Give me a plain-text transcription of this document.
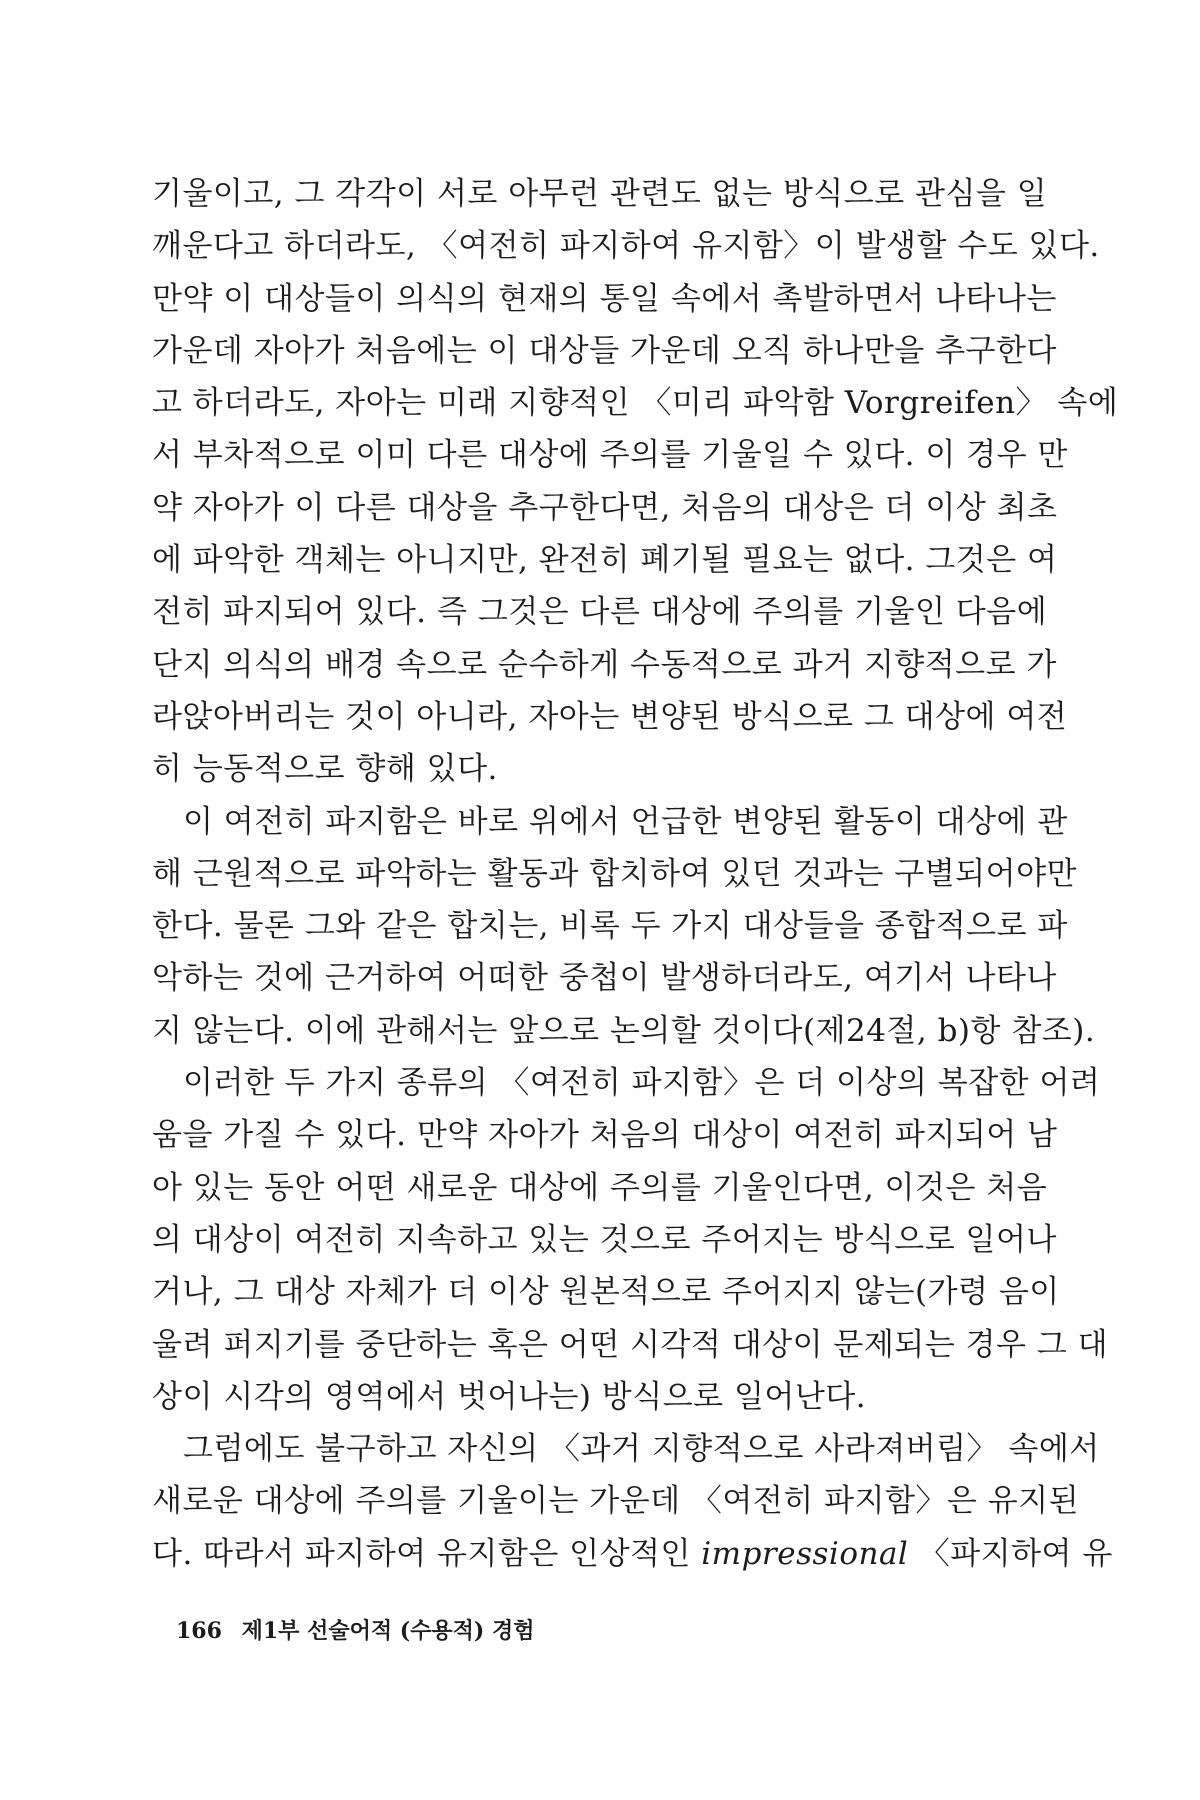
기울이고, 그 각각이 서로 아무런 관련도 없는 방식으로 관심을 일
깨운다고 하더라도, 〈여전히 파지하여 유지함〉이 발생할 수도 있다.
만약 이 대상들이 의식의 현재의 통일 속에서 촉발하면서 나타나는
가운데 자아가 처음에는 이 대상들 가운데 오직 하나만을 추구한다
고 하더라도, 자아는 미래 지향적인 〈미리 파악함 Vorgreifen〉 속에
서 부차적으로 이미 다른 대상에 주의를 기울일 수 있다. 이 경우 만
약 자아가 이 다른 대상을 추구한다면, 처음의 대상은 더 이상 최초
에 파악한 객체는 아니지만, 완전히 폐기될 필요는 없다. 그것은 여
전히 파지되어 있다. 즉 그것은 다른 대상에 주의를 기울인 다음에
단지 의식의 배경 속으로 순수하게 수동적으로 과거 지향적으로 가
라앉아버리는 것이 아니라, 자아는 변양된 방식으로 그 대상에 여전
히 능동적으로 향해 있다.
이 여전히 파지함은 바로 위에서 언급한 변양된 활동이 대상에 관
해 근원적으로 파악하는 활동과 합치하여 있던 것과는 구별되어야만
한다. 물론 그와 같은 합치는, 비록 두 가지 대상들을 종합적으로 파
악하는 것에 근거하여 어떠한 중첩이 발생하더라도, 여기서 나타나
지 않는다. 이에 관해서는 앞으로 논의할 것이다(제24절, b)항 참조).
이러한 두 가지 종류의 〈여전히 파지함〉은 더 이상의 복잡한 어려
움을 가질 수 있다. 만약 자아가 처음의 대상이 여전히 파지되어 남
아 있는 동안 어떤 새로운 대상에 주의를 기울인다면, 이것은 처음
의 대상이 여전히 지속하고 있는 것으로 주어지는 방식으로 일어나
거나, 그 대상 자체가 더 이상 원본적으로 주어지지 않는(가령 음이
울려 퍼지기를 중단하는 혹은 어떤 시각적 대상이 문제되는 경우 그 대
상이 시각의 영역에서 벗어나는) 방식으로 일어난다.
그럼에도 불구하고 자신의 〈과거 지향적으로 사라져버림〉 속에서
새로운 대상에 주의를 기울이는 가운데 〈여전히 파지함〉은 유지된
다. 따라서 파지하여 유지함은 인상적인 impressional 〈파지하여 유
166 제1부 선술어적 (수용적) 경험
